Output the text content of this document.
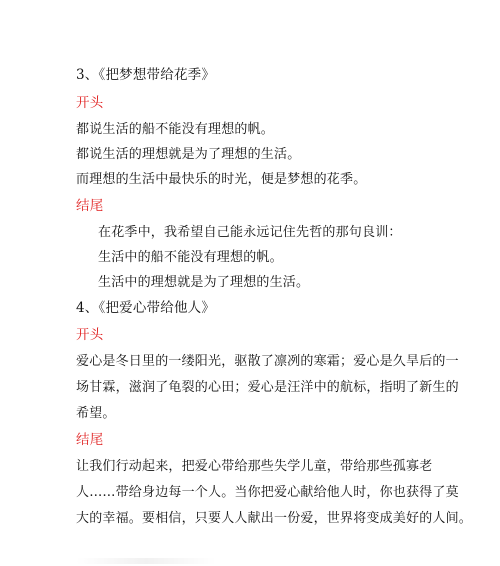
3、《把梦想带给花季》
开头
都说生活的船不能没有理想的帆。
都说生活的理想就是为了理想的生活。
而理想的生活中最快乐的时光，便是梦想的花季。
结尾
在花季中，我希望自己能永远记住先哲的那句良训：
生活中的船不能没有理想的帆。
生活中的理想就是为了理想的生活。
4、《把爱心带给他人》
开头
爱心是冬日里的一缕阳光，驱散了凛冽的寒霜；爱心是久旱后的一
场甘霖，滋润了龟裂的心田；爱心是汪洋中的航标，指明了新生的
希望。
结尾
让我们行动起来，把爱心带给那些失学儿童，带给那些孤寡老
人……带给身边每一个人。当你把爱心献给他人时，你也获得了莫
大的幸福。要相信，只要人人献出一份爱，世界将变成美好的人间。
